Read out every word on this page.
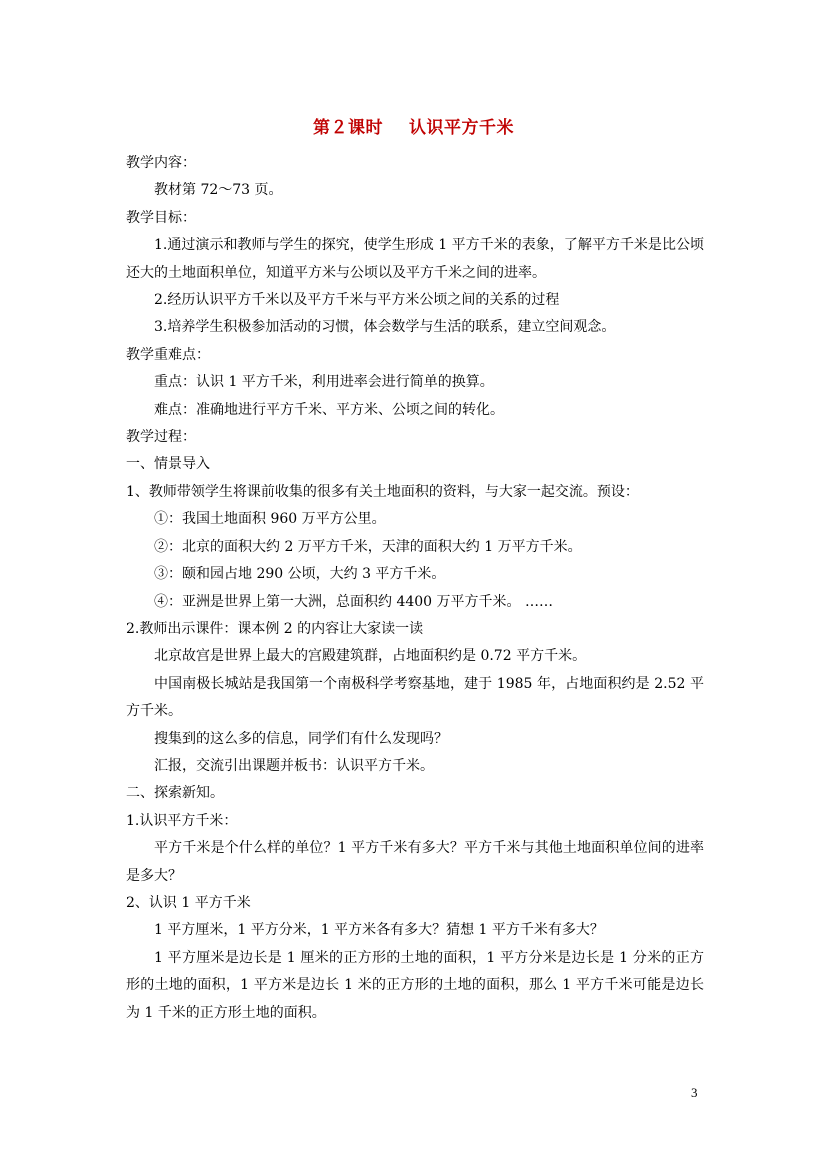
第２课时 认识平方千米

教学内容：

教材第 72～73 页。

教学目标：

1.通过演示和教师与学生的探究，使学生形成 1 平方千米的表象，了解平方千米是比公顷还大的土地面积单位，知道平方米与公顷以及平方千米之间的进率。

2.经历认识平方千米以及平方千米与平方米公顷之间的关系的过程

3.培养学生积极参加活动的习惯，体会数学与生活的联系，建立空间观念。

教学重难点：

重点：认识 1 平方千米，利用进率会进行简单的换算。

难点：准确地进行平方千米、平方米、公顷之间的转化。

教学过程：

一、情景导入

1、教师带领学生将课前收集的很多有关土地面积的资料，与大家一起交流。预设：

①：我国土地面积 960 万平方公里。

②：北京的面积大约 2 万平方千米，天津的面积大约 1 万平方千米。

③：颐和园占地 290 公顷，大约 3 平方千米。

④：亚洲是世界上第一大洲，总面积约 4400 万平方千米。 ……

2.教师出示课件：课本例 2 的内容让大家读一读

北京故宫是世界上最大的宫殿建筑群，占地面积约是 0.72 平方千米。

中国南极长城站是我国第一个南极科学考察基地，建于 1985 年，占地面积约是 2.52 平方千米。

搜集到的这么多的信息，同学们有什么发现吗？

汇报，交流引出课题并板书：认识平方千米。

二、探索新知。

1.认识平方千米：

平方千米是个什么样的单位？1 平方千米有多大？平方千米与其他土地面积单位间的进率是多大？

2、认识 1 平方千米

1 平方厘米，1 平方分米，1 平方米各有多大？猜想 1 平方千米有多大？

1 平方厘米是边长是 1 厘米的正方形的土地的面积，1 平方分米是边长是 1 分米的正方形的土地的面积，1 平方米是边长 1 米的正方形的土地的面积，那么 1 平方千米可能是边长为 1 千米的正方形土地的面积。

3
